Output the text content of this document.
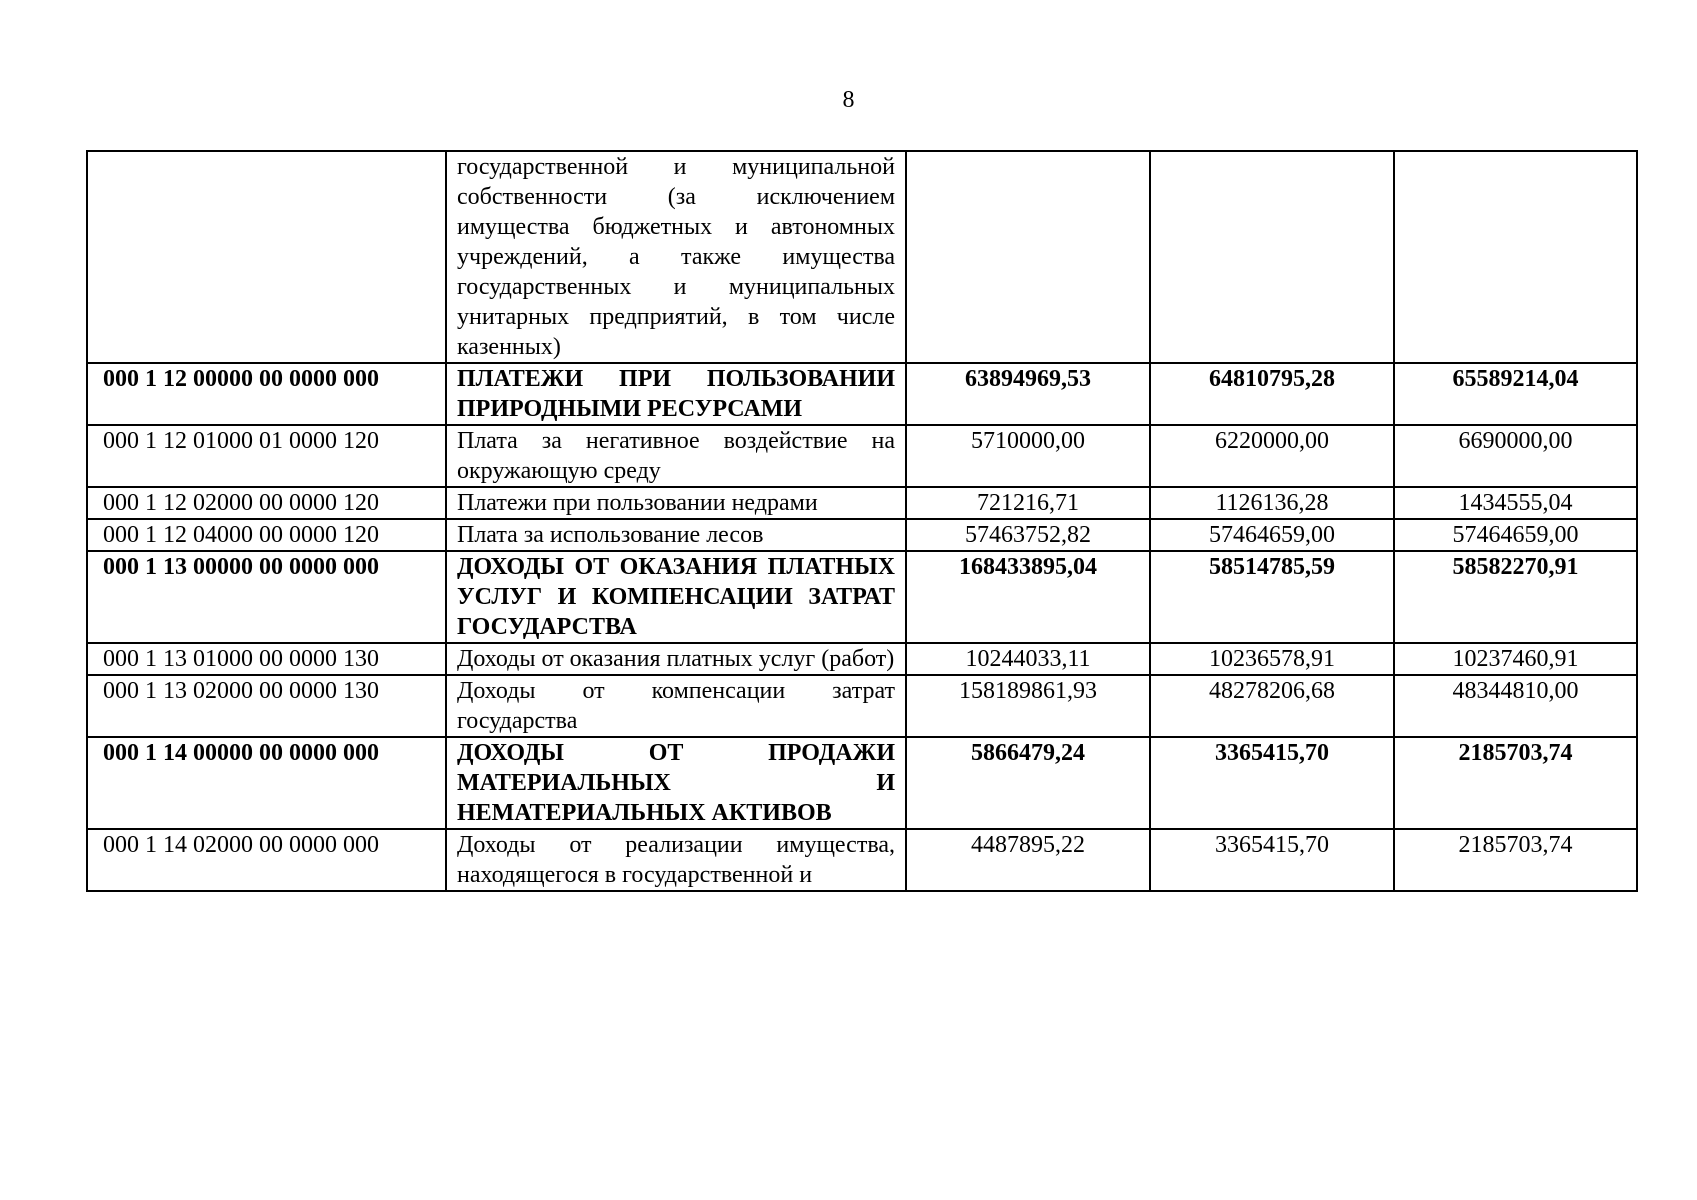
8
	государственной и муниципальной собственности (за исключением имущества бюджетных и автономных учреждений, а также имущества государственных и муниципальных унитарных предприятий, в том числе казенных)			
000 1 12 00000 00 0000 000	ПЛАТЕЖИ ПРИ ПОЛЬЗОВАНИИ ПРИРОДНЫМИ РЕСУРСАМИ	63894969,53	64810795,28	65589214,04
000 1 12 01000 01 0000 120	Плата за негативное воздействие на окружающую среду	5710000,00	6220000,00	6690000,00
000 1 12 02000 00 0000 120	Платежи при пользовании недрами	721216,71	1126136,28	1434555,04
000 1 12 04000 00 0000 120	Плата за использование лесов	57463752,82	57464659,00	57464659,00
000 1 13 00000 00 0000 000	ДОХОДЫ ОТ ОКАЗАНИЯ ПЛАТНЫХ УСЛУГ И КОМПЕНСАЦИИ ЗАТРАТ ГОСУДАРСТВА	168433895,04	58514785,59	58582270,91
000 1 13 01000 00 0000 130	Доходы от оказания платных услуг (работ)	10244033,11	10236578,91	10237460,91
000 1 13 02000 00 0000 130	Доходы от компенсации затрат государства	158189861,93	48278206,68	48344810,00
000 1 14 00000 00 0000 000	ДОХОДЫ ОТ ПРОДАЖИ МАТЕРИАЛЬНЫХ И НЕМАТЕРИАЛЬНЫХ АКТИВОВ	5866479,24	3365415,70	2185703,74
000 1 14 02000 00 0000 000	Доходы от реализации имущества, находящегося в государственной и	4487895,22	3365415,70	2185703,74
